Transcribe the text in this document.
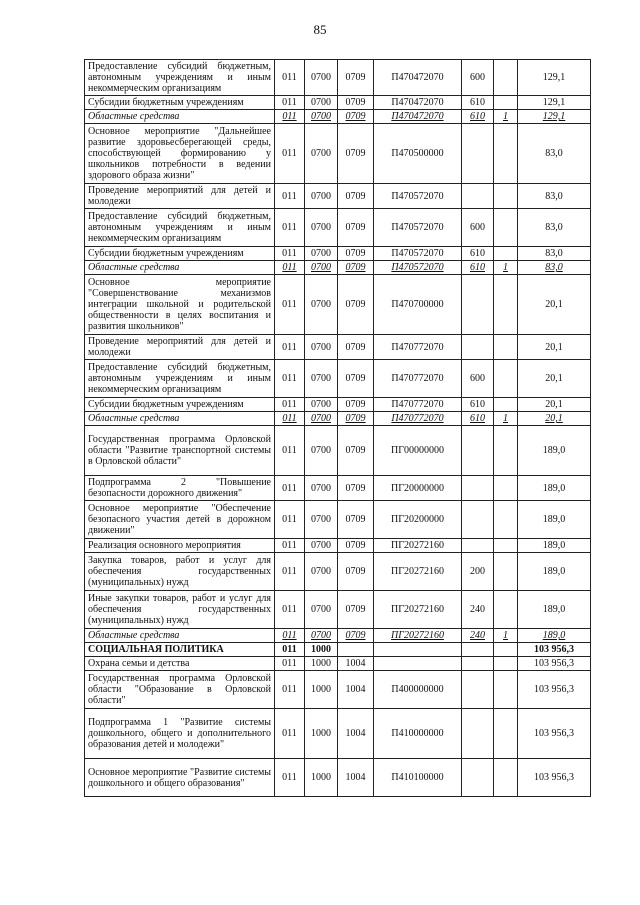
85
Предоставление субсидий бюджетным, автономным учреждениям и иным некоммерческим организациям	011	0700	0709	П470472070	600		129,1
Субсидии бюджетным учреждениям	011	0700	0709	П470472070	610		129,1
Областные средства	011	0700	0709	П470472070	610	1	129,1
Основное мероприятие "Дальнейшее развитие здоровьесберегающей среды, способствующей формированию у школьников потребности в ведении здорового образа жизни"	011	0700	0709	П470500000			83,0
Проведение мероприятий для детей и молодежи	011	0700	0709	П470572070			83,0
Предоставление субсидий бюджетным, автономным учреждениям и иным некоммерческим организациям	011	0700	0709	П470572070	600		83,0
Субсидии бюджетным учреждениям	011	0700	0709	П470572070	610		83,0
Областные средства	011	0700	0709	П470572070	610	1	83,0
Основное мероприятие "Совершенствование механизмов интеграции школьной и родительской общественности в целях воспитания и развития школьников"	011	0700	0709	П470700000			20,1
Проведение мероприятий для детей и молодежи	011	0700	0709	П470772070			20,1
Предоставление субсидий бюджетным, автономным учреждениям и иным некоммерческим организациям	011	0700	0709	П470772070	600		20,1
Субсидии бюджетным учреждениям	011	0700	0709	П470772070	610		20,1
Областные средства	011	0700	0709	П470772070	610	1	20,1
Государственная программа Орловской области "Развитие транспортной системы в Орловской области"	011	0700	0709	ПГ00000000			189,0
Подпрограмма 2 "Повышение безопасности дорожного движения"	011	0700	0709	ПГ20000000			189,0
Основное мероприятие "Обеспечение безопасного участия детей в дорожном движении"	011	0700	0709	ПГ20200000			189,0
Реализация основного мероприятия	011	0700	0709	ПГ20272160			189,0
Закупка товаров, работ и услуг для обеспечения государственных (муниципальных) нужд	011	0700	0709	ПГ20272160	200		189,0
Иные закупки товаров, работ и услуг для обеспечения государственных (муниципальных) нужд	011	0700	0709	ПГ20272160	240		189,0
Областные средства	011	0700	0709	ПГ20272160	240	1	189,0
СОЦИАЛЬНАЯ ПОЛИТИКА	011	1000					103 956,3
Охрана семьи и детства	011	1000	1004				103 956,3
Государственная программа Орловской области "Образование в Орловской области"	011	1000	1004	П400000000			103 956,3
Подпрограмма 1 "Развитие системы дошкольного, общего и дополнительного образования детей и молодежи"	011	1000	1004	П410000000			103 956,3
Основное мероприятие "Развитие системы дошкольного и общего образования"	011	1000	1004	П410100000			103 956,3
